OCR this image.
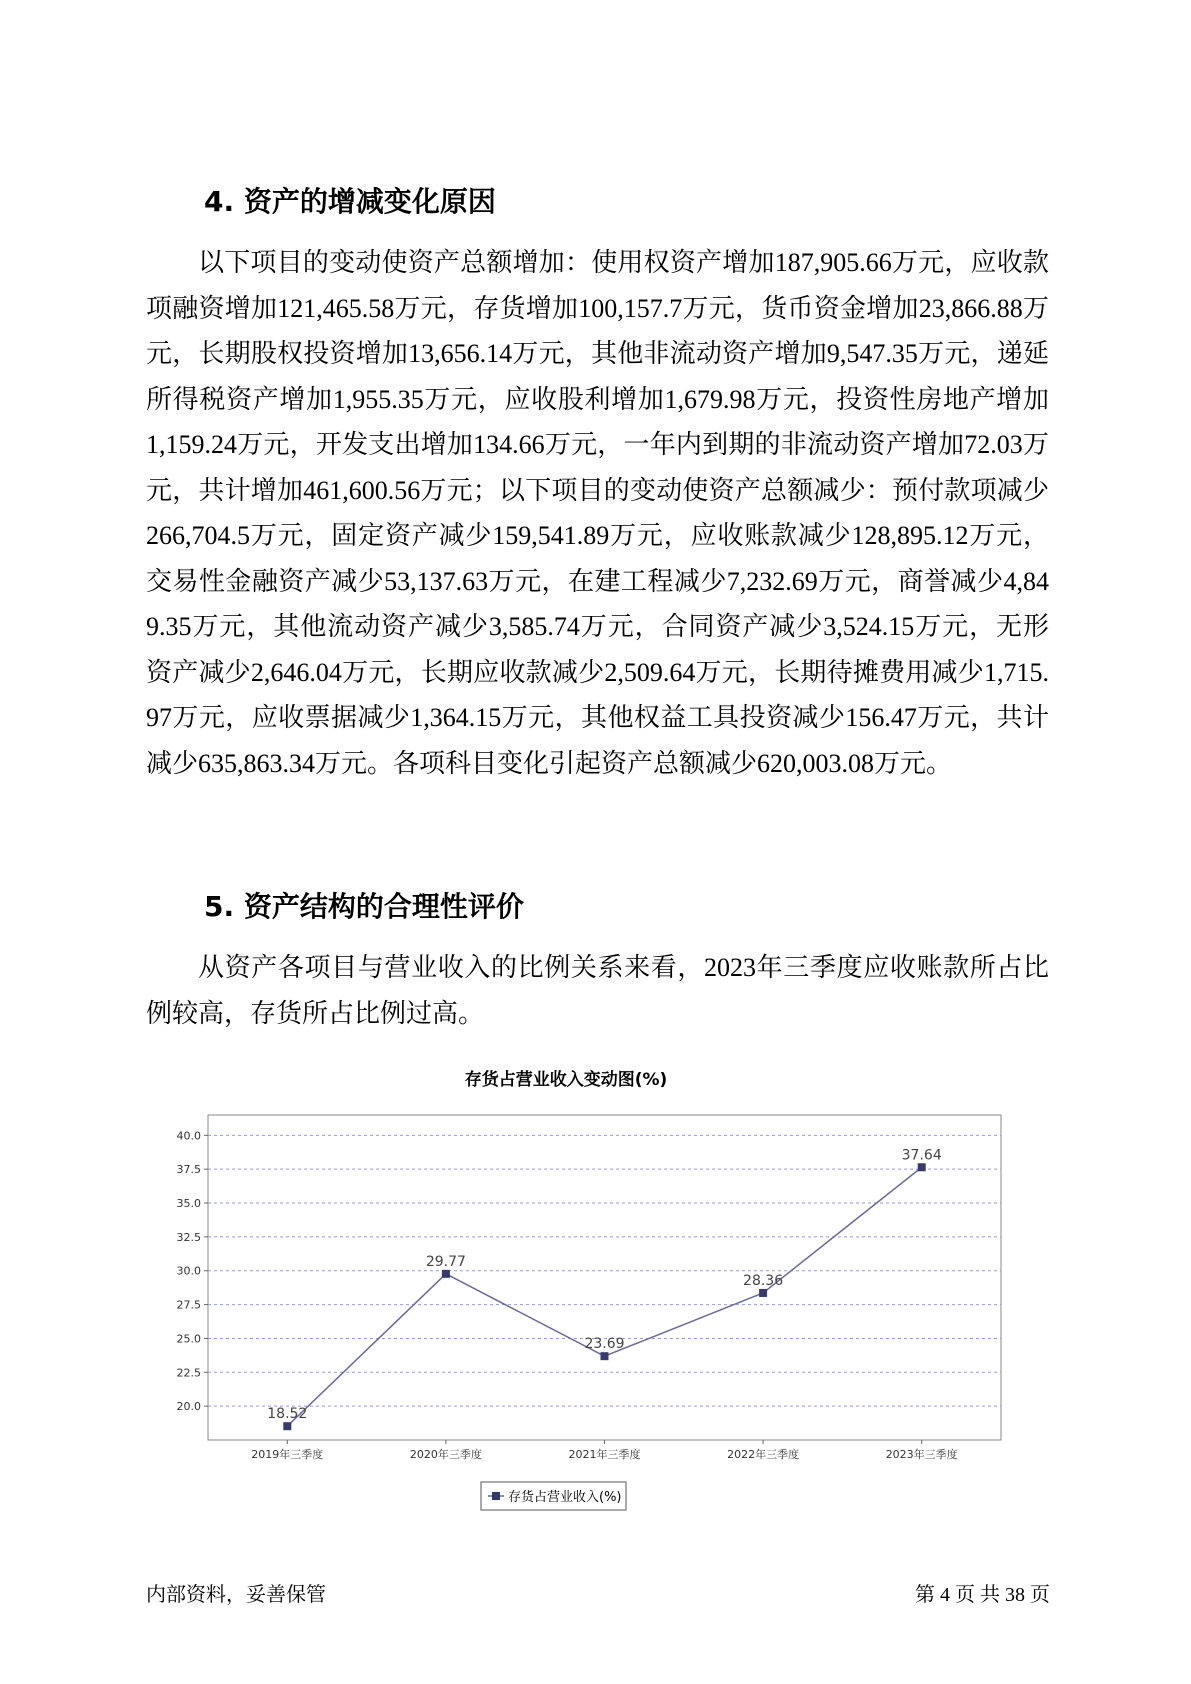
4. 资产的增减变化原因
以下项目的变动使资产总额增加：使用权资产增加187,905.66万元，应收款项融资增加121,465.58万元，存货增加100,157.7万元，货币资金增加23,866.88万元，长期股权投资增加13,656.14万元，其他非流动资产增加9,547.35万元，递延所得税资产增加1,955.35万元，应收股利增加1,679.98万元，投资性房地产增加1,159.24万元，开发支出增加134.66万元，一年内到期的非流动资产增加72.03万元，共计增加461,600.56万元；以下项目的变动使资产总额减少：预付款项减少266,704.5万元，固定资产减少159,541.89万元，应收账款减少128,895.12万元，交易性金融资产减少53,137.63万元，在建工程减少7,232.69万元，商誉减少4,849.35万元，其他流动资产减少3,585.74万元，合同资产减少3,524.15万元，无形资产减少2,646.04万元，长期应收款减少2,509.64万元，长期待摊费用减少1,715.97万元，应收票据减少1,364.15万元，其他权益工具投资减少156.47万元，共计减少635,863.34万元。各项科目变化引起资产总额减少620,003.08万元。
5. 资产结构的合理性评价
从资产各项目与营业收入的比例关系来看，2023年三季度应收账款所占比例较高，存货所占比例过高。
存货占营业收入变动图(%)
20.0
22.5
25.0
27.5
30.0
32.5
35.0
37.5
40.0
2019年三季度	2020年三季度	2021年三季度	2022年三季度	2023年三季度
18.52
29.77
23.69
28.36
37.64
存货占营业收入(%)
内部资料，妥善保管	第 4 页 共 38 页
